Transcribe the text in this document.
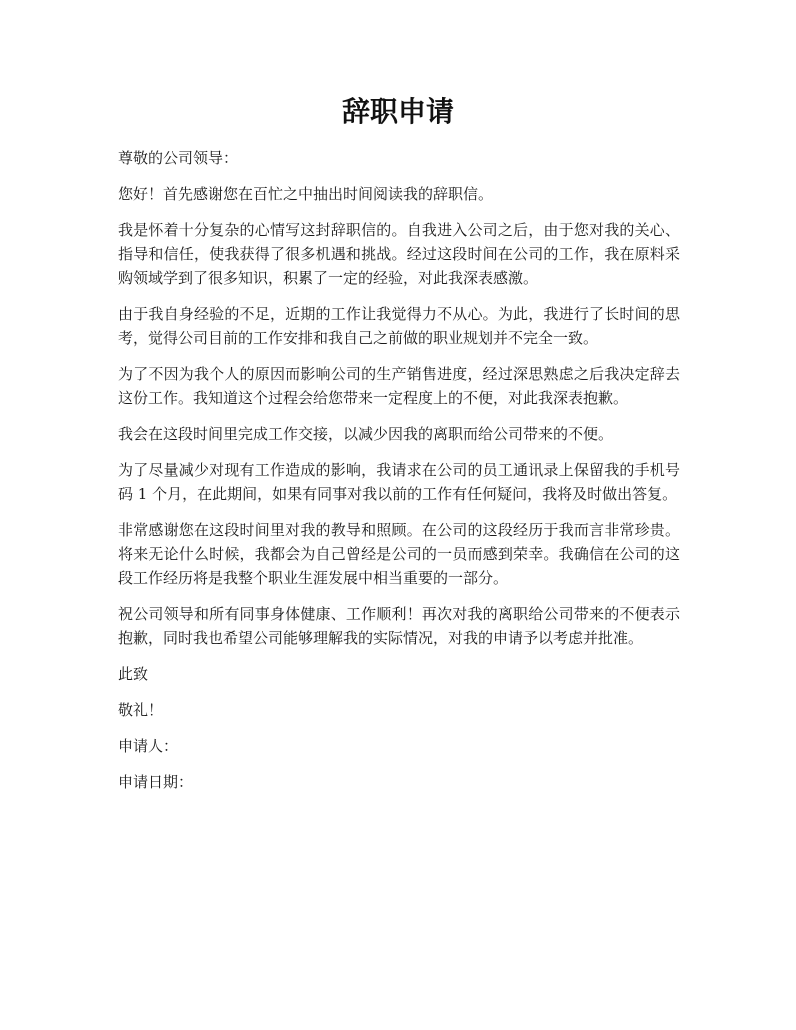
辞职申请

尊敬的公司领导：

您好！首先感谢您在百忙之中抽出时间阅读我的辞职信。

我是怀着十分复杂的心情写这封辞职信的。自我进入公司之后，由于您对我的关心、指导和信任，使我获得了很多机遇和挑战。经过这段时间在公司的工作，我在原料采购领域学到了很多知识，积累了一定的经验，对此我深表感激。

由于我自身经验的不足，近期的工作让我觉得力不从心。为此，我进行了长时间的思考，觉得公司目前的工作安排和我自己之前做的职业规划并不完全一致。

为了不因为我个人的原因而影响公司的生产销售进度，经过深思熟虑之后我决定辞去这份工作。我知道这个过程会给您带来一定程度上的不便，对此我深表抱歉。

我会在这段时间里完成工作交接，以减少因我的离职而给公司带来的不便。

为了尽量减少对现有工作造成的影响，我请求在公司的员工通讯录上保留我的手机号码 1 个月，在此期间，如果有同事对我以前的工作有任何疑问，我将及时做出答复。

非常感谢您在这段时间里对我的教导和照顾。在公司的这段经历于我而言非常珍贵。将来无论什么时候，我都会为自己曾经是公司的一员而感到荣幸。我确信在公司的这段工作经历将是我整个职业生涯发展中相当重要的一部分。

祝公司领导和所有同事身体健康、工作顺利！再次对我的离职给公司带来的不便表示抱歉，同时我也希望公司能够理解我的实际情况，对我的申请予以考虑并批准。

此致

敬礼！

申请人：

申请日期：
